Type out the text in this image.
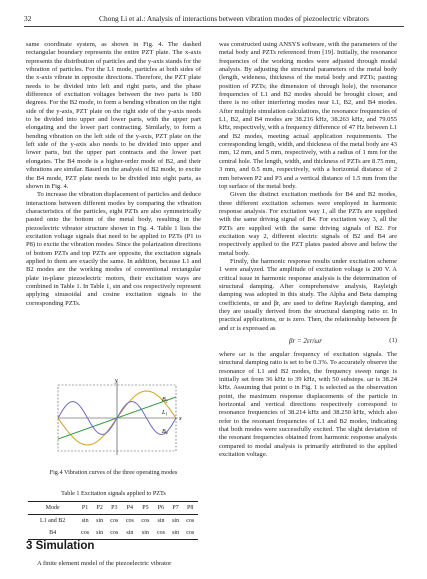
32	Chong Li et al.: Analysis of interactions between vibration modes of piezoelectric vibrators

same coordinate system, as shown in Fig. 4. The dashed rectangular boundary represents the entire PZT plate. The x-axis represents the distribution of particles and the y-axis stands for the vibration of particles. For the L1 mode, particles at both sides of the x-axis vibrate in opposite directions. Therefore, the PZT plate needs to be divided into left and right parts, and the phase difference of excitation voltages between the two parts is 180 degrees. For the B2 mode, to form a bending vibration on the right side of the y-axis, PZT plate on the right side of the y-axis needs to be divided into upper and lower parts, with the upper part elongating and the lower part contracting. Similarly, to form a bending vibration on the left side of the y-axis, PZT plate on the left side of the y-axis also needs to be divided into upper and lower parts, but the upper part contracts and the lower part elongates. The B4 mode is a higher-order mode of B2, and their vibrations are similar. Based on the analysis of B2 mode, to excite the B4 mode, PZT plate needs to be divided into eight parts, as shown in Fig. 4.

To increase the vibration displacement of particles and deduce interactions between different modes by comparing the vibration characteristics of the particles, eight PZTs are also symmetrically pasted onto the bottom of the metal body, resulting in the piezoelectric vibrator structure shown in Fig. 4. Table 1 lists the excitation voltage signals that need to be applied to PZTs (P1 to P8) to excite the vibration modes. Since the polarization directions of bottom PZTs and top PZTs are opposite, the excitation signals applied to them are exactly the same. In addition, because L1 and B2 modes are the working modes of conventional rectangular plate in-plane piezoelectric motors, their excitation ways are combined in Table 1. In Table 1, sin and cos respectively represent applying sinusoidal and cosine excitation signals to the corresponding PZTs.

x
y
$B_2$
$L_1$
$B_4$
Fig.4 Vibration curves of the three operating modes
Table 1 Excitation signals applied to PZTs
Mode	P1	P2	P3	P4	P5	P6	P7	P8
L1 and B2	sin	sin	cos	cos	cos	sin	sin	cos
B4	cos	sin	cos	sin	sin	cos	sin	cos
3 Simulation
A finite element model of the piezoelectric vibrator

was constructed using ANSYS software, with the parameters of the metal body and PZTs referenced from [19]. Initially, the resonance frequencies of the working modes were adjusted through modal analysis. By adjusting the structural parameters of the metal body (length, wideness, thickness of the metal body and PZTs; pasting position of PZTs; the dimension of through hole), the resonance frequencies of L1 and B2 modes should be brought closer, and there is no other interfering modes near L1, B2, and B4 modes. After multiple simulation calculations, the resonance frequencies of L1, B2, and B4 modes are 38.216 kHz, 38.263 kHz, and 79.055 kHz, respectively, with a frequency difference of 47 Hz between L1 and B2 modes, meeting actual application requirements. The corresponding length, width, and thickness of the metal body are 43 mm, 12 mm, and 5 mm, respectively, with a radius of 1 mm for the central hole. The length, width, and thickness of PZTs are 8.75 mm, 3 mm, and 0.5 mm, respectively, with a horizontal distance of 2 mm between P2 and P3 and a vertical distance of 1.5 mm from the top surface of the metal body.

Given the distinct excitation methods for B4 and B2 modes, three different excitation schemes were employed in harmonic response analysis. For excitation way 1, all the PZTs are supplied with the same driving signal of B4. For excitation way 3, all the PZTs are supplied with the same driving signals of B2. For excitation way 2, different electric signals of B2 and B4 are respectively applied to the PZT plates pasted above and below the metal body.

Firstly, the harmonic response results under excitation scheme 1 were analyzed. The amplitude of excitation voltage is 200 V. A critical issue in harmonic response analysis is the determination of structural damping. After comprehensive analysis, Rayleigh damping was adopted in this study. The Alpha and Beta damping coefficients, αr and βr, are used to define Rayleigh damping, and they are usually derived from the structural damping ratio εr. In practical applications, αr is zero. Then, the relationship between βr and εr is expressed as

βr = 2εr/ωr	(1)

where ωr is the angular frequency of excitation signals. The structural damping ratio is set to be 0.3%. To accurately observe the resonance of L1 and B2 modes, the frequency sweep range is initially set from 36 kHz to 39 kHz, with 50 substeps. ωr is 38.24 kHz. Assuming that point o in Fig. 1 is selected as the observation point, the maximum response displacements of the particle in horizontal and vertical directions respectively correspond to resonance frequencies of 38.214 kHz and 38.250 kHz, which also refer to the resonant frequencies of L1 and B2 modes, indicating that both modes were successfully excited. The slight deviation of the resonant frequencies obtained from harmonic response analysis compared to modal analysis is primarily attributed to the applied excitation voltage.
